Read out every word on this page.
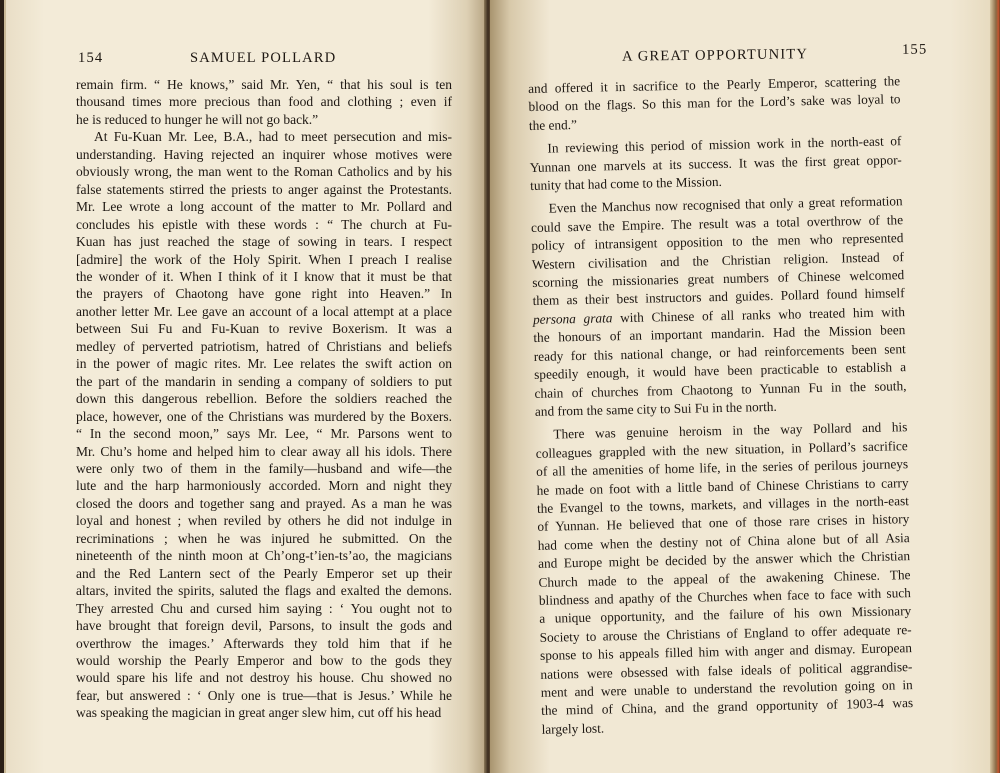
154	SAMUEL POLLARD
remain firm. “ He knows,” said Mr. Yen, “ that his soul is ten
thousand times more precious than food and clothing ; even if
he is reduced to hunger he will not go back.”
At Fu-Kuan Mr. Lee, B.A., had to meet persecution and mis-
understanding. Having rejected an inquirer whose motives were
obviously wrong, the man went to the Roman Catholics and by his
false statements stirred the priests to anger against the Protestants.
Mr. Lee wrote a long account of the matter to Mr. Pollard and
concludes his epistle with these words : “ The church at Fu-
Kuan has just reached the stage of sowing in tears. I respect
[admire] the work of the Holy Spirit. When I preach I realise
the wonder of it. When I think of it I know that it must be that
the prayers of Chaotong have gone right into Heaven.” In
another letter Mr. Lee gave an account of a local attempt at a place
between Sui Fu and Fu-Kuan to revive Boxerism. It was a
medley of perverted patriotism, hatred of Christians and beliefs
in the power of magic rites. Mr. Lee relates the swift action on
the part of the mandarin in sending a company of soldiers to put
down this dangerous rebellion. Before the soldiers reached the
place, however, one of the Christians was murdered by the Boxers.
“ In the second moon,” says Mr. Lee, “ Mr. Parsons went to
Mr. Chu’s home and helped him to clear away all his idols. There
were only two of them in the family—husband and wife—the
lute and the harp harmoniously accorded. Morn and night they
closed the doors and together sang and prayed. As a man he was
loyal and honest ; when reviled by others he did not indulge in
recriminations ; when he was injured he submitted. On the
nineteenth of the ninth moon at Ch’ong-t’ien-ts’ao, the magicians
and the Red Lantern sect of the Pearly Emperor set up their
altars, invited the spirits, saluted the flags and exalted the demons.
They arrested Chu and cursed him saying : ‘ You ought not to
have brought that foreign devil, Parsons, to insult the gods and
overthrow the images.’ Afterwards they told him that if he
would worship the Pearly Emperor and bow to the gods they
would spare his life and not destroy his house. Chu showed no
fear, but answered : ‘ Only one is true—that is Jesus.’ While he
was speaking the magician in great anger slew him, cut off his head
A GREAT OPPORTUNITY	155
and offered it in sacrifice to the Pearly Emperor, scattering the
blood on the flags. So this man for the Lord’s sake was loyal to
the end.”
In reviewing this period of mission work in the north-east of
Yunnan one marvels at its success. It was the first great oppor-
tunity that had come to the Mission.
Even the Manchus now recognised that only a great reformation
could save the Empire. The result was a total overthrow of the
policy of intransigent opposition to the men who represented
Western civilisation and the Christian religion. Instead of
scorning the missionaries great numbers of Chinese welcomed
them as their best instructors and guides. Pollard found himself
persona grata with Chinese of all ranks who treated him with
the honours of an important mandarin. Had the Mission been
ready for this national change, or had reinforcements been sent
speedily enough, it would have been practicable to establish a
chain of churches from Chaotong to Yunnan Fu in the south,
and from the same city to Sui Fu in the north.
There was genuine heroism in the way Pollard and his
colleagues grappled with the new situation, in Pollard’s sacrifice
of all the amenities of home life, in the series of perilous journeys
he made on foot with a little band of Chinese Christians to carry
the Evangel to the towns, markets, and villages in the north-east
of Yunnan. He believed that one of those rare crises in history
had come when the destiny not of China alone but of all Asia
and Europe might be decided by the answer which the Christian
Church made to the appeal of the awakening Chinese. The
blindness and apathy of the Churches when face to face with such
a unique opportunity, and the failure of his own Missionary
Society to arouse the Christians of England to offer adequate re-
sponse to his appeals filled him with anger and dismay. European
nations were obsessed with false ideals of political aggrandise-
ment and were unable to understand the revolution going on in
the mind of China, and the grand opportunity of 1903-4 was
largely lost.
